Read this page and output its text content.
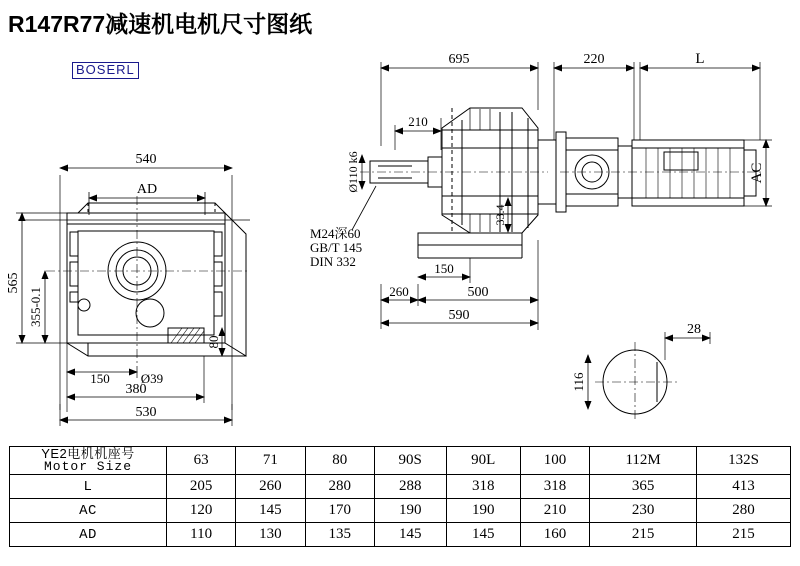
R147R77减速机电机尺寸图纸
BOSERL
540
AD
565
355-0.1
80
150 Ø39
380
530
695	220	L
210
Ø110 k6	AC
33.4
M24深60
GB/T 145
DIN 332	150
260	500
590
28
116
YE2电机机座号
Motor Size	63	71	80	90S	90L	100	112M	132S
L	205	260	280	288	318	318	365	413
AC	120	145	170	190	190	210	230	280
AD	110	130	135	145	145	160	215	215
